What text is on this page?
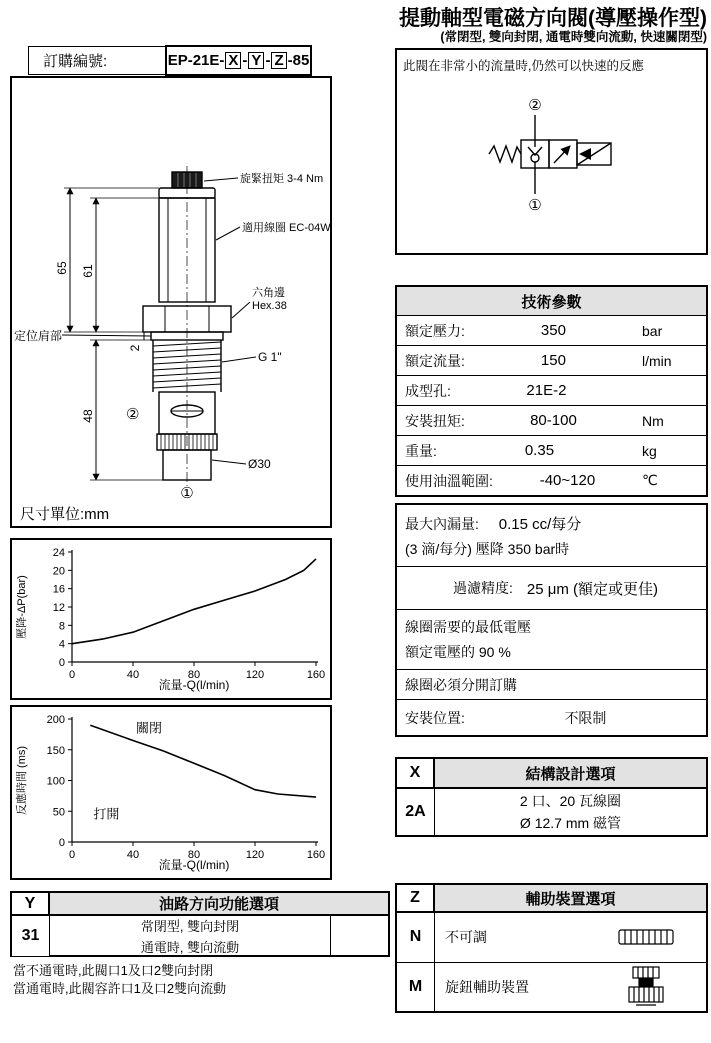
提動軸型電磁方向閥(導壓操作型)
(常閉型, 雙向封閉, 通電時雙向流動, 快速關閉型)
訂購編號:	EP-21E- X - Y - Z - 85
65 61
2
48
旋緊扭矩 3-4 Nm
適用線圈 EC-04W
六角邊
Hex.38
G 1"
Ø30
定位肩部
②
①
尺寸單位:mm
此閥在非常小的流量時,仍然可以快速的反應
②
①
技術參數
額定壓力:	350	bar
額定流量:	150	l/min
成型孔:	21E-2
安裝扭矩:	80-100	Nm
重量:	0.35	kg
使用油溫範圍:	-40~120	℃
最大內漏量: 0.15 cc/每分
(3 滴/每分) 壓降 350 bar時
過濾精度: 25 μm (額定或更佳)
線圈需要的最低電壓
額定電壓的 90 %
線圈必須分開訂購
安裝位置:	不限制
0
4
8
12
16
20
24
0	40	80	120	160
壓降-ΔP(bar)
流量-Q(l/min)
0
50
100
150
200
0	40	80	120	160
關閉
打開
反應時間 (ms)
流量-Q(l/min)
X	結構設計選項
2A
2 口、20 瓦線圈
Ø 12.7 mm 磁管
Z	輔助裝置選項
N	不可調
M	旋鈕輔助裝置
Y	油路方向功能選項
31
常閉型, 雙向封閉
通電時, 雙向流動
當不通電時,此閥口1及口2雙向封閉
當通電時,此閥容許口1及口2雙向流動
